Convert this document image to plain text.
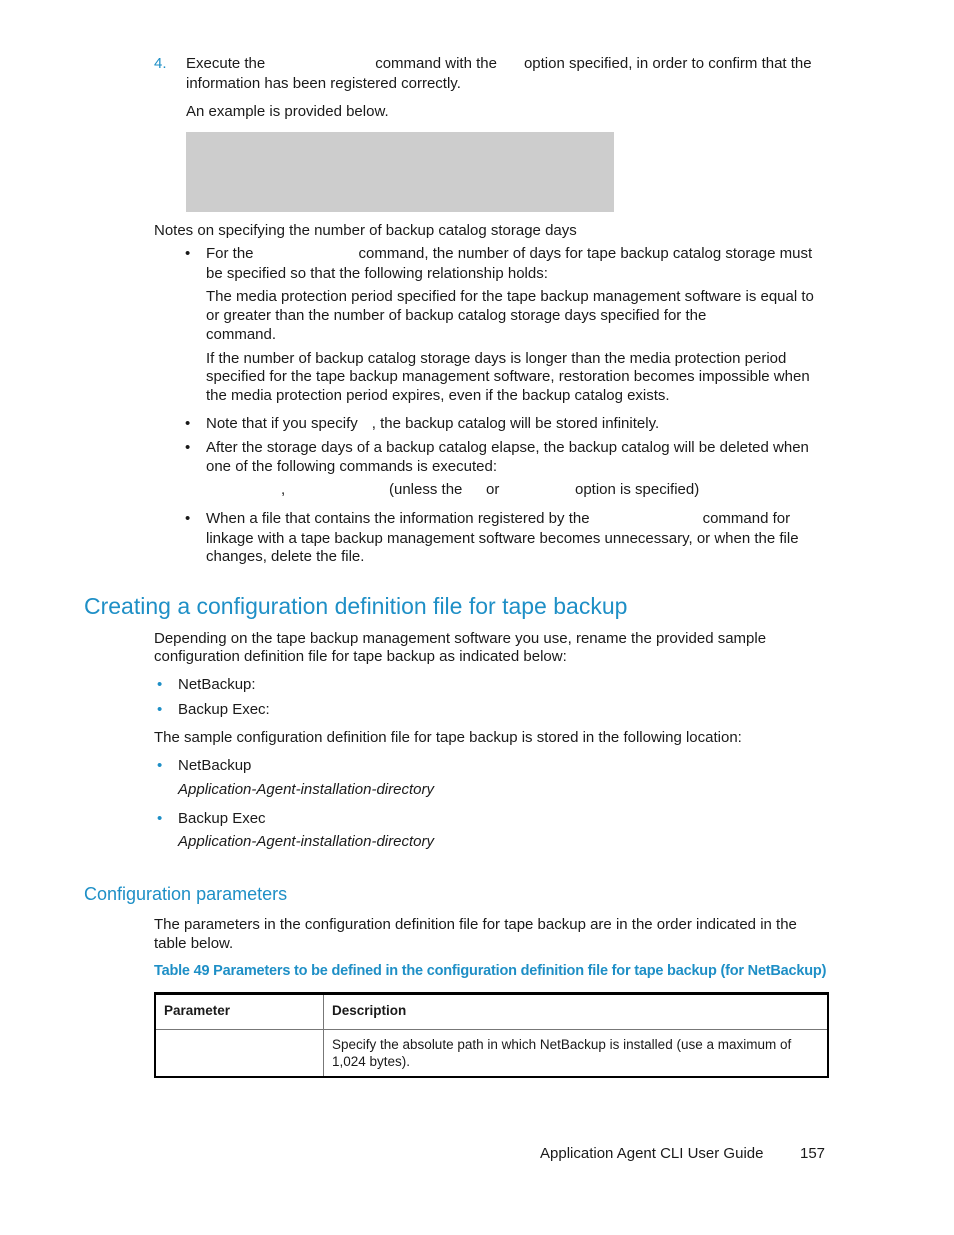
4. Execute the	command with the option specified, in order to confirm that the
information has been registered correctly.
An example is provided below.
Notes on specifying the number of backup catalog storage days
• For the	command, the number of days for tape backup catalog storage must
be specified so that the following relationship holds:
The media protection period specified for the tape backup management software is equal to
or greater than the number of backup catalog storage days specified for the
command.
If the number of backup catalog storage days is longer than the media protection period
specified for the tape backup management software, restoration becomes impossible when
the media protection period expires, even if the backup catalog exists.
• Note that if you specify , the backup catalog will be stored infinitely.
• After the storage days of a backup catalog elapse, the backup catalog will be deleted when
one of the following commands is executed:
,	(unless the or	option is specified)
• When a file that contains the information registered by the	command for
linkage with a tape backup management software becomes unnecessary, or when the file
changes, delete the file.
Creating a configuration definition file for tape backup
Depending on the tape backup management software you use, rename the provided sample
configuration definition file for tape backup as indicated below:
• NetBackup:
• Backup Exec:
The sample configuration definition file for tape backup is stored in the following location:
• NetBackup
Application-Agent-installation-directory
• Backup Exec
Application-Agent-installation-directory
Configuration parameters
The parameters in the configuration definition file for tape backup are in the order indicated in the
table below.
Table 49 Parameters to be defined in the configuration definition file for tape backup (for NetBackup)
Parameter	Description

	Specify the absolute path in which NetBackup is installed (use a maximum of
1,024 bytes).
Application Agent CLI User Guide 157
